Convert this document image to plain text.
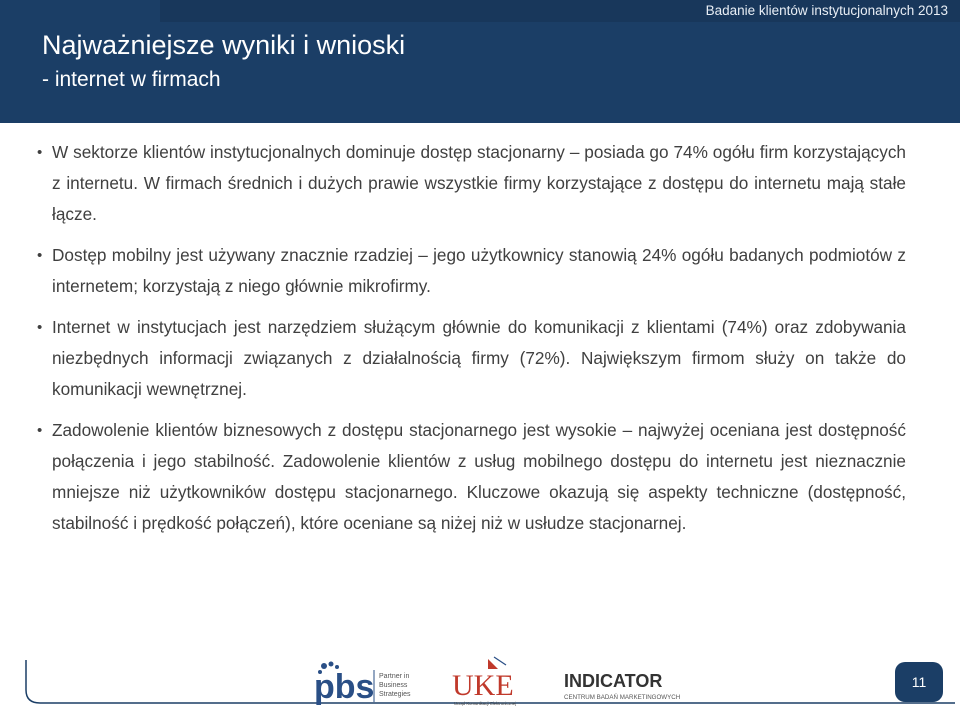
Badanie klientów instytucjonalnych 2013
Najważniejsze wyniki i wnioski
- internet w firmach
• W sektorze klientów instytucjonalnych dominuje dostęp stacjonarny – posiada go 74% ogółu firm korzystających z internetu. W firmach średnich i dużych prawie wszystkie firmy korzystające z dostępu do internetu mają stałe łącze.
• Dostęp mobilny jest używany znacznie rzadziej – jego użytkownicy stanowią 24% ogółu badanych podmiotów z internetem; korzystają z niego głównie mikrofirmy.
• Internet w instytucjach jest narzędziem służącym głównie do komunikacji z klientami (74%) oraz zdobywania niezbędnych informacji związanych z działalnością firmy (72%). Największym firmom służy on także do komunikacji wewnętrznej.
• Zadowolenie klientów biznesowych z dostępu stacjonarnego jest wysokie – najwyżej oceniana jest dostępność połączenia i jego stabilność. Zadowolenie klientów z usług mobilnego dostępu do internetu jest nieznacznie mniejsze niż użytkowników dostępu stacjonarnego. Kluczowe okazują się aspekty techniczne (dostępność, stabilność i prędkość połączeń), które oceniane są niżej niż w usłudze stacjonarnej.
pbs Partner in
Business
Strategies UKE
Urząd Komunikacji Elektronicznej
INDICATOR
CENTRUM BADAŃ MARKETINGOWYCH
11
